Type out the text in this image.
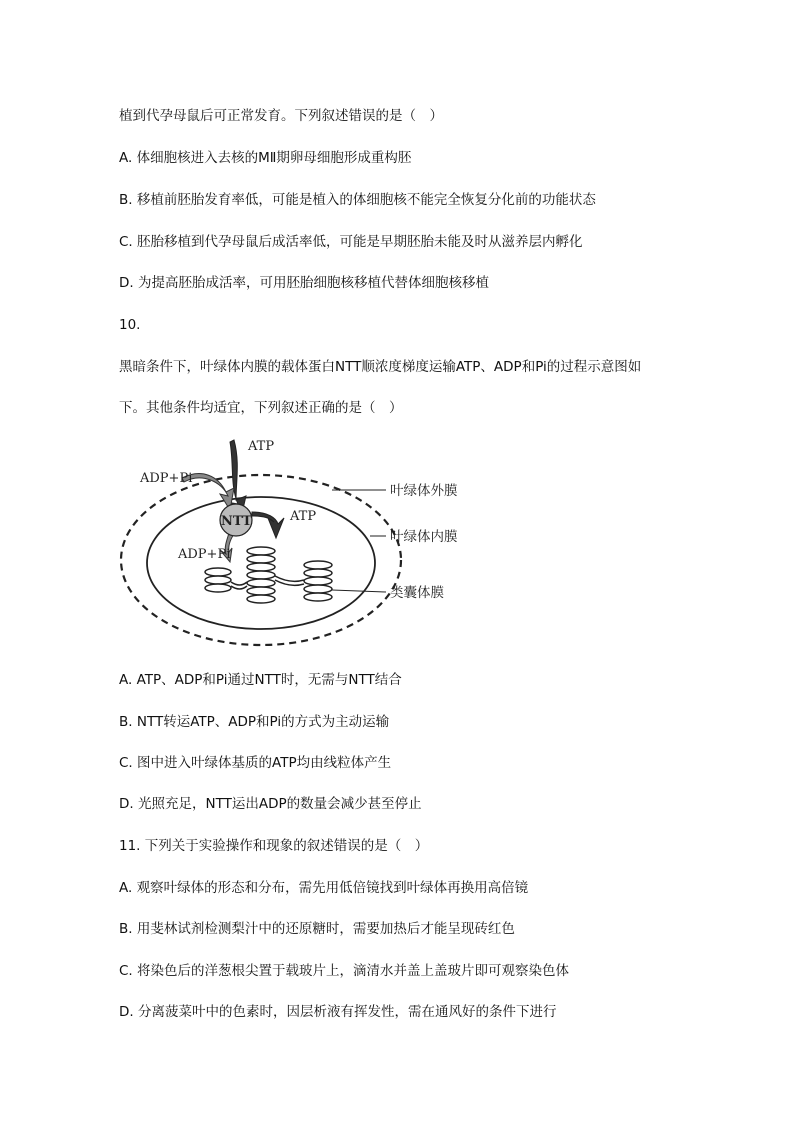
植到代孕母鼠后可正常发育。下列叙述错误的是（　）
A. 体细胞核进入去核的MⅡ期卵母细胞形成重构胚
B. 移植前胚胎发育率低，可能是植入的体细胞核不能完全恢复分化前的功能状态
C. 胚胎移植到代孕母鼠后成活率低，可能是早期胚胎未能及时从滋养层内孵化
D. 为提高胚胎成活率，可用胚胎细胞核移植代替体细胞核移植
10.
黑暗条件下，叶绿体内膜的载体蛋白NTT顺浓度梯度运输ATP、ADP和Pi的过程示意图如
下。其他条件均适宜，下列叙述正确的是（　）
NTT
ATP
ADP+Pi
ATP
ADP+Pi
叶绿体外膜
叶绿体内膜
类囊体膜
A. ATP、ADP和Pi通过NTT时，无需与NTT结合
B. NTT转运ATP、ADP和Pi的方式为主动运输
C. 图中进入叶绿体基质的ATP均由线粒体产生
D. 光照充足，NTT运出ADP的数量会减少甚至停止
11. 下列关于实验操作和现象的叙述错误的是（　）
A. 观察叶绿体的形态和分布，需先用低倍镜找到叶绿体再换用高倍镜
B. 用斐林试剂检测梨汁中的还原糖时，需要加热后才能呈现砖红色
C. 将染色后的洋葱根尖置于载玻片上，滴清水并盖上盖玻片即可观察染色体
D. 分离菠菜叶中的色素时，因层析液有挥发性，需在通风好的条件下进行
